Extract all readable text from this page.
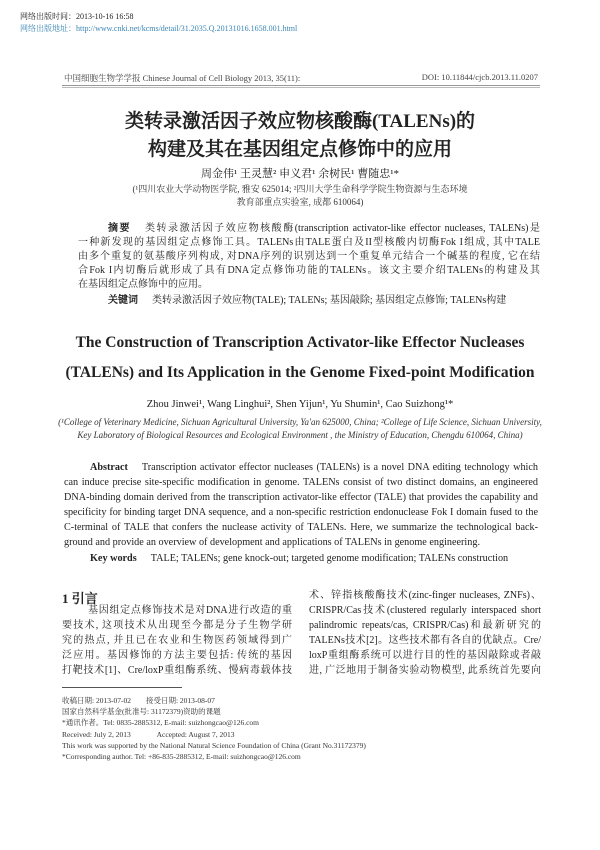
网络出版时间：2013-10-16 16:58
网络出版地址：http://www.cnki.net/kcms/detail/31.2035.Q.20131016.1658.001.html
中国细胞生物学学报 Chinese Journal of Cell Biology 2013, 35(11):	DOI: 10.11844/cjcb.2013.11.0207
类转录激活因子效应物核酸酶(TALENs)的
构建及其在基因组定点修饰中的应用
周金伟¹ 王灵慧² 申义君¹ 余树民¹ 曹随忠¹*
(¹四川农业大学动物医学院, 雅安 625014; ²四川大学生命科学学院生物资源与生态环境
教育部重点实验室, 成都 610064)
摘要 类转录激活因子效应物核酸酶(transcription activator-like effector nucleases, TALENs)是
一种新发现的基因组定点修饰工具。TALENs由TALE蛋白及II型核酸内切酶Fok I组成, 其中TALE
由多个重复的氨基酸序列构成, 对DNA序列的识别达到一个重复单元结合一个碱基的程度, 它在结
合Fok I内切酶后就形成了具有DNA定点修饰功能的TALENs。该文主要介绍TALENs的构建及其
在基因组定点修饰中的应用。
关键词 类转录激活因子效应物(TALE); TALENs; 基因敲除; 基因组定点修饰; TALENs构建
The Construction of Transcription Activator-like Effector Nucleases
(TALENs) and Its Application in the Genome Fixed-point Modification
Zhou Jinwei¹, Wang Linghui², Shen Yijun¹, Yu Shumin¹, Cao Suizhong¹*
(¹College of Veterinary Medicine, Sichuan Agricultural University, Ya'an 625000, China; ²College of Life Science, Sichuan University,
Key Laboratory of Biological Resources and Ecological Environment , the Ministry of Education, Chengdu 610064, China)
Abstract Transcription activator effector nucleases (TALENs) is a novel DNA editing technology which
can induce precise site-specific modification in genome. TALENs consist of two distinct domains, an engineered
DNA-binding domain derived from the transcription activator-like effector (TALE) that provides the capability and
specificity for binding target DNA sequence, and a non-specific restriction endonuclease Fok I domain fused to the
C-terminal of TALE that confers the nuclease activity of TALENs. Here, we summarize the technological back-
ground and provide an overview of development and applications of TALENs in genome engineering.
Key words TALE; TALENs; gene knock-out; targeted genome modification; TALENs construction
1 引言
基因组定点修饰技术是对DNA进行改造的重
要技术, 这项技术从出现至今都是分子生物学研
究的热点, 并且已在农业和生物医药领域得到广
泛应用。基因修饰的方法主要包括: 传统的基因
打靶技术[1]、Cre/loxP重组酶系统、慢病毒载体技
术、锌指核酸酶技术(zinc-finger nucleases, ZNFs)、
CRISPR/Cas技术(clustered regularly interspaced short
palindromic repeats/cas, CRISPR/Cas)和最新研究的
TALENs技术[2]。这些技术都有各自的优缺点。Cre/
loxP重组酶系统可以进行目的性的基因敲除或者敲
进, 广泛地用于制备实验动物模型, 此系统首先要向
收稿日期: 2013-07-02        接受日期: 2013-08-07
国家自然科学基金(批准号: 31172379)资助的课题
*通讯作者。Tel: 0835-2885312, E-mail: suizhongcao@126.com
Received: July 2, 2013              Accepted: August 7, 2013
This work was supported by the National Natural Science Foundation of China (Grant No.31172379)
*Corresponding author. Tel: +86-835-2885312, E-mail: suizhongcao@126.com
